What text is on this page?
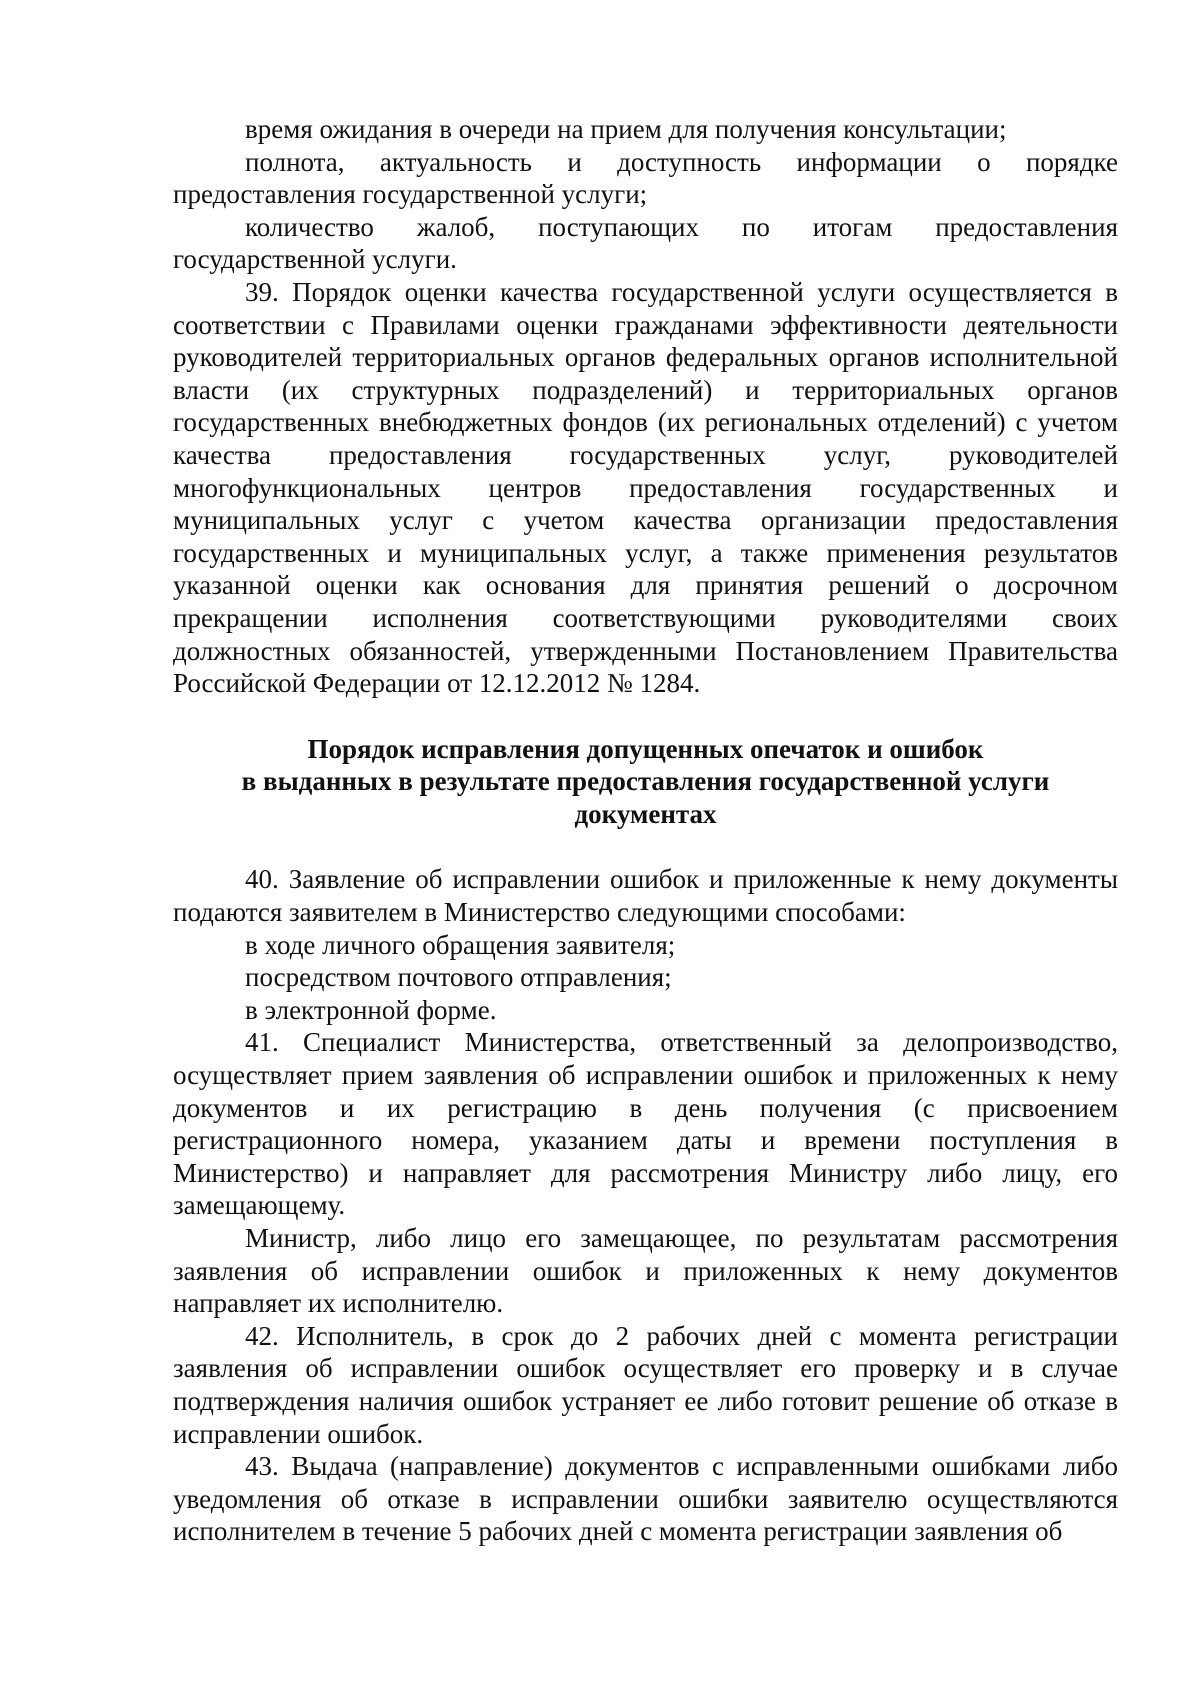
время ожидания в очереди на прием для получения консультации;

полнота, актуальность и доступность информации о порядке предоставления государственной услуги;

количество жалоб, поступающих по итогам предоставления государственной услуги.

39. Порядок оценки качества государственной услуги осуществляется в соответствии с Правилами оценки гражданами эффективности деятельности руководителей территориальных органов федеральных органов исполнительной власти (их структурных подразделений) и территориальных органов государственных внебюджетных фондов (их региональных отделений) с учетом качества предоставления государственных услуг, руководителей многофункциональных центров предоставления государственных и муниципальных услуг с учетом качества организации предоставления государственных и муниципальных услуг, а также применения результатов указанной оценки как основания для принятия решений о досрочном прекращении исполнения соответствующими руководителями своих должностных обязанностей, утвержденными Постановлением Правительства Российской Федерации от 12.12.2012 № 1284.

Порядок исправления допущенных опечаток и ошибок

в выданных в результате предоставления государственной услуги

документах

40. Заявление об исправлении ошибок и приложенные к нему документы подаются заявителем в Министерство следующими способами:

в ходе личного обращения заявителя;

посредством почтового отправления;

в электронной форме.

41. Специалист Министерства, ответственный за делопроизводство, осуществляет прием заявления об исправлении ошибок и приложенных к нему документов и их регистрацию в день получения (с присвоением регистрационного номера, указанием даты и времени поступления в Министерство) и направляет для рассмотрения Министру либо лицу, его замещающему.

Министр, либо лицо его замещающее, по результатам рассмотрения заявления об исправлении ошибок и приложенных к нему документов направляет их исполнителю.

42. Исполнитель, в срок до 2 рабочих дней с момента регистрации заявления об исправлении ошибок осуществляет его проверку и в случае подтверждения наличия ошибок устраняет ее либо готовит решение об отказе в исправлении ошибок.

43. Выдача (направление) документов с исправленными ошибками либо уведомления об отказе в исправлении ошибки заявителю осуществляются исполнителем в течение 5 рабочих дней с момента регистрации заявления об
